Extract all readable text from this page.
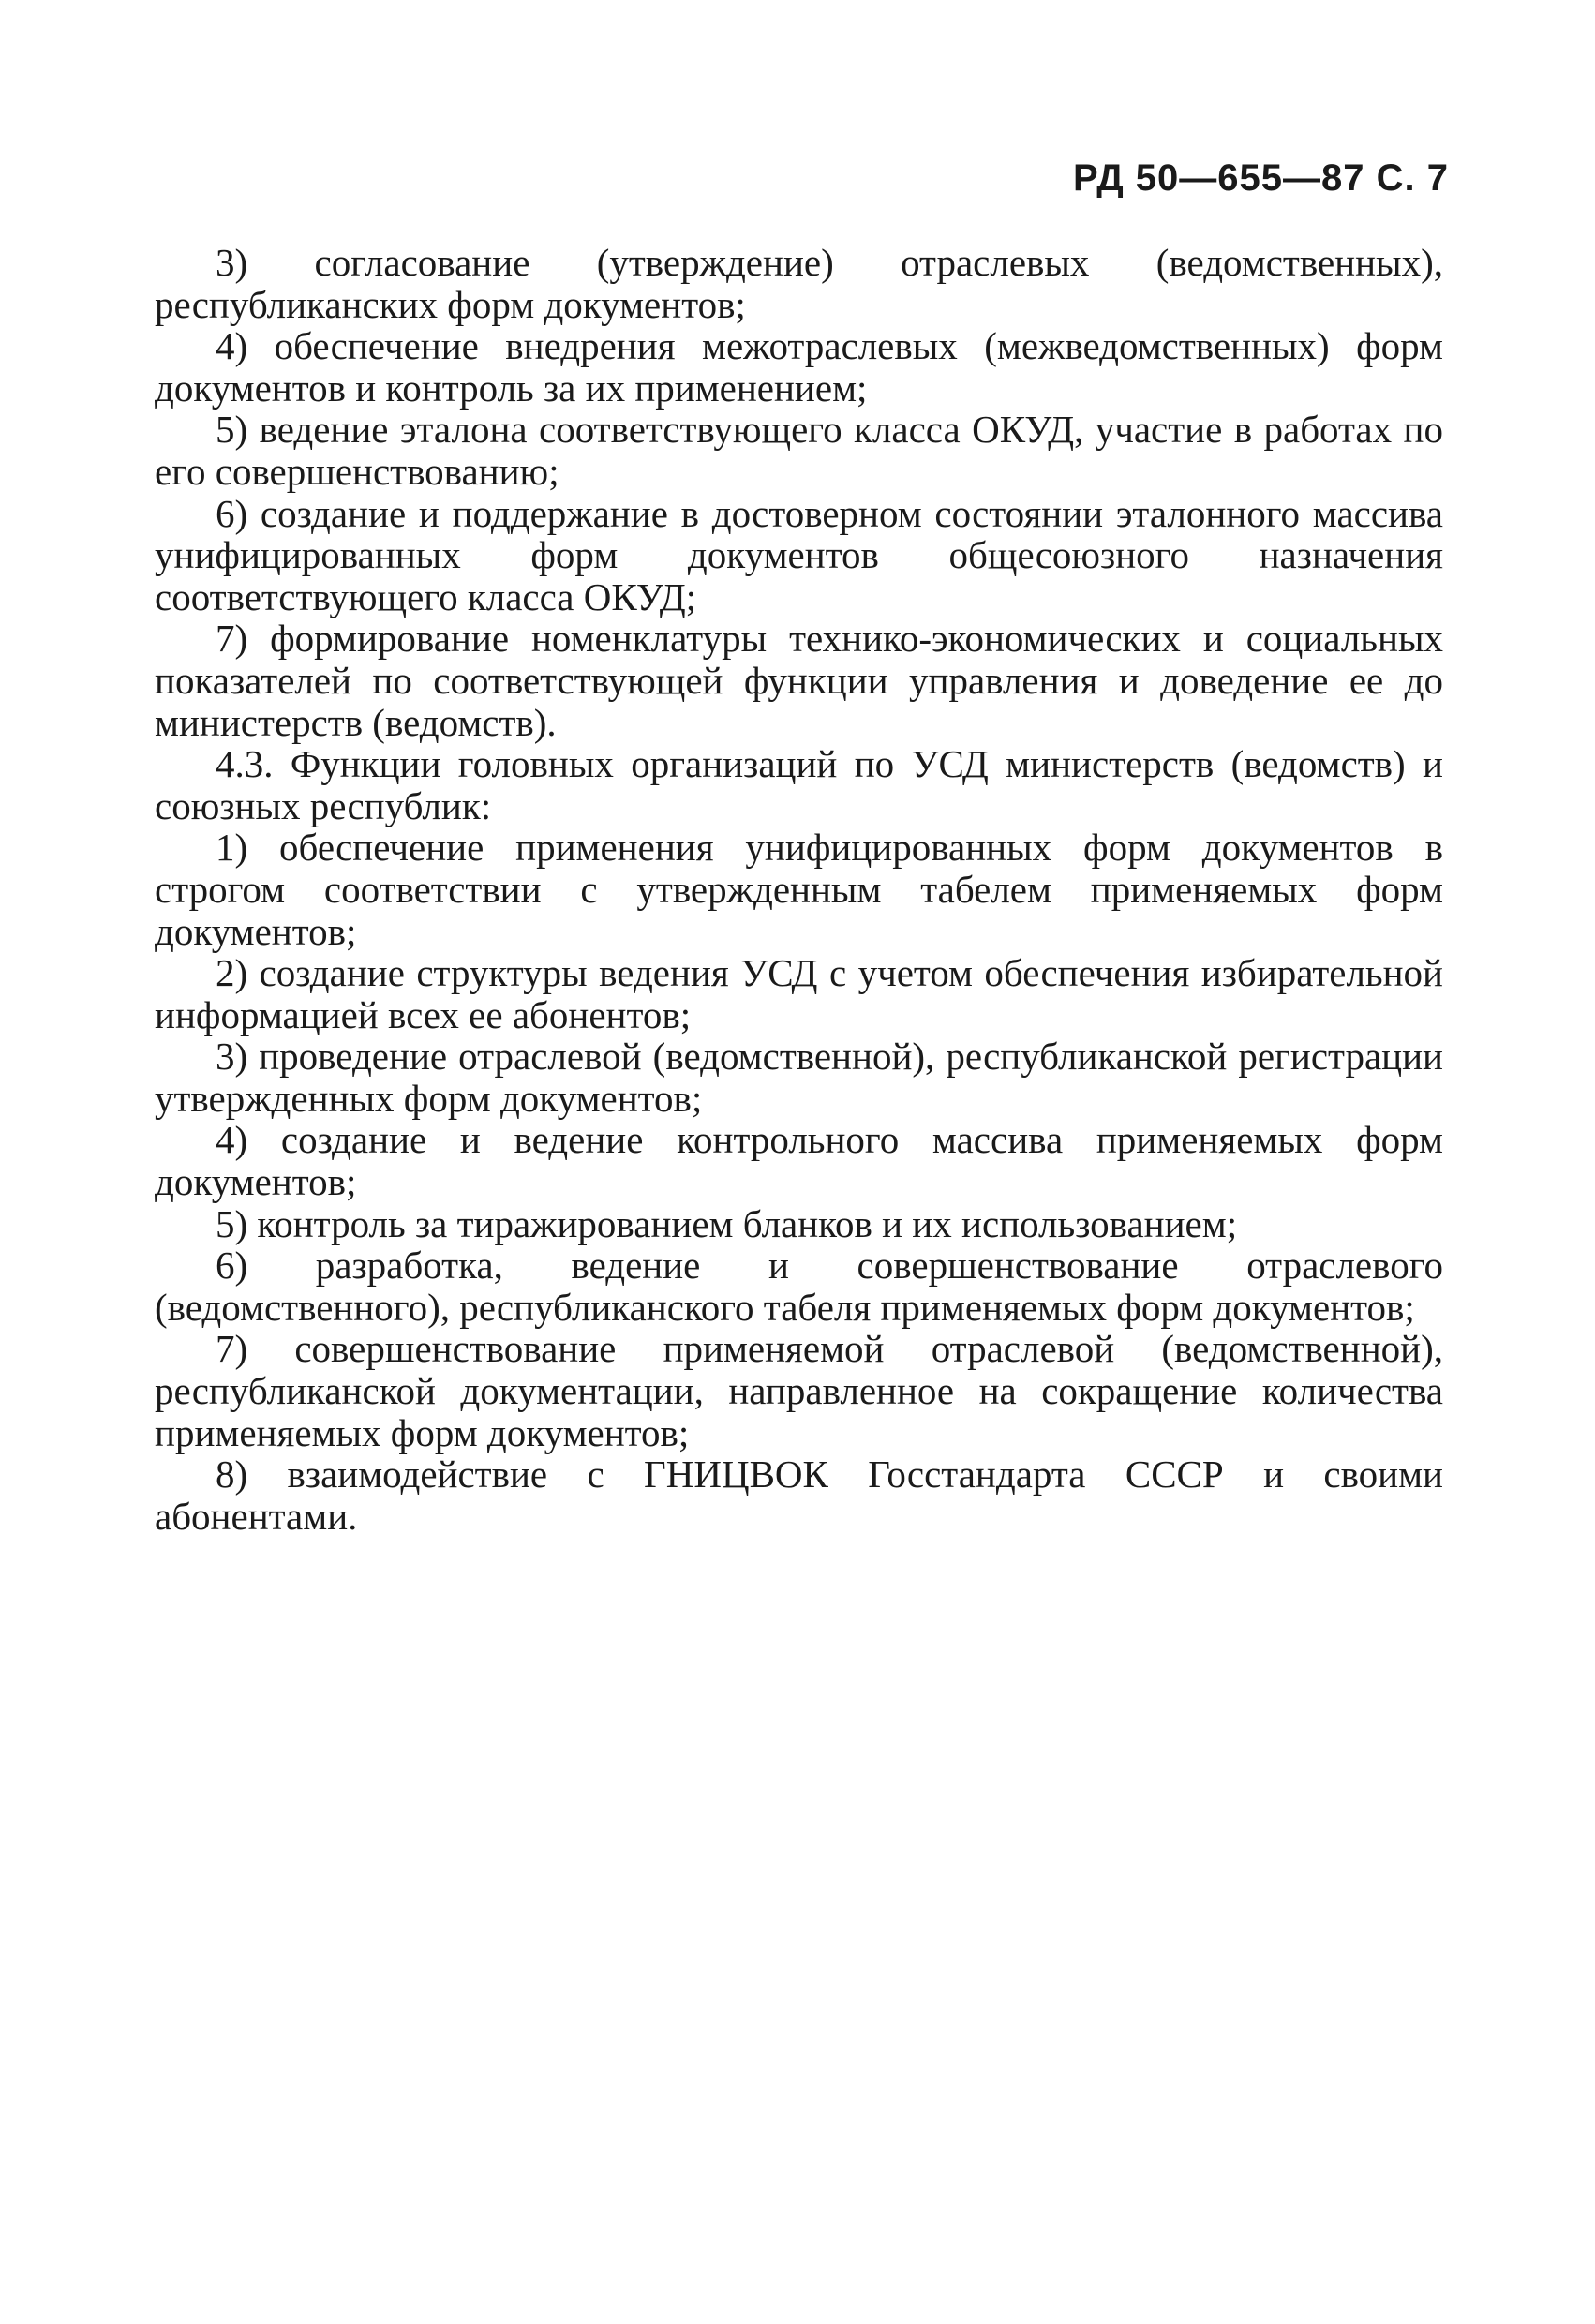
РД 50—655—87 С. 7

3) согласование (утверждение) отраслевых (ведомственных), республиканских форм документов;

4) обеспечение внедрения межотраслевых (межведомственных) форм документов и контроль за их применением;

5) ведение эталона соответствующего класса ОКУД, участие в работах по его совершенствованию;

6) создание и поддержание в достоверном состоянии эталонного массива унифицированных форм документов общесоюзного назначения соответствующего класса ОКУД;

7) формирование номенклатуры технико-экономических и социальных показателей по соответствующей функции управления и доведение ее до министерств (ведомств).

4.3. Функции головных организаций по УСД министерств (ведомств) и союзных республик:

1) обеспечение применения унифицированных форм документов в строгом соответствии с утвержденным табелем применяемых форм документов;

2) создание структуры ведения УСД с учетом обеспечения избирательной информацией всех ее абонентов;

3) проведение отраслевой (ведомственной), республиканской регистрации утвержденных форм документов;

4) создание и ведение контрольного массива применяемых форм документов;

5) контроль за тиражированием бланков и их использованием;

6) разработка, ведение и совершенствование отраслевого (ведомственного), республиканского табеля применяемых форм документов;

7) совершенствование применяемой отраслевой (ведомственной), республиканской документации, направленное на сокращение количества применяемых форм документов;

8) взаимодействие с ГНИЦВОК Госстандарта СССР и своими абонентами.
